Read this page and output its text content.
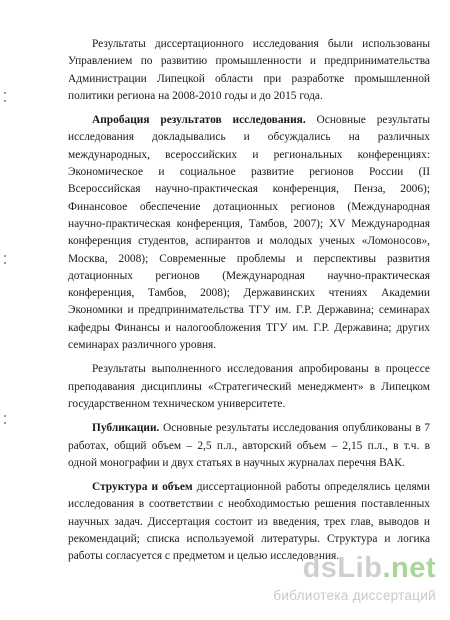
Результаты диссертационного исследования были использованы Управлением по развитию промышленности и предпринимательства Администрации Липецкой области при разработке промышленной политики региона на 2008-2010 годы и до 2015 года.

Апробация результатов исследования. Основные результаты исследования докладывались и обсуждались на различных международных, всероссийских и региональных конференциях: Экономическое и социальное развитие регионов России (II Всероссийская научно-практическая конференция, Пенза, 2006); Финансовое обеспечение дотационных регионов (Международная научно-практическая конференция, Тамбов, 2007); XV Международная конференция студентов, аспирантов и молодых ученых «Ломоносов», Москва, 2008); Современные проблемы и перспективы развития дотационных регионов (Международная научно-практическая конференция, Тамбов, 2008); Державинских чтениях Академии Экономики и предпринимательства ТГУ им. Г.Р. Державина; семинарах кафедры Финансы и налогообложения ТГУ им. Г.Р. Державина; других семинарах различного уровня.

Результаты выполненного исследования апробированы в процессе преподавания дисциплины «Стратегический менеджмент» в Липецком государственном техническом университете.

Публикации. Основные результаты исследования опубликованы в 7 работах, общий объем – 2,5 п.л., авторский объем – 2,15 п.л., в т.ч. в одной монографии и двух статьях в научных журналах перечня ВАК.

Структура и объем диссертационной работы определялись целями исследования в соответствии с необходимостью решения поставленных научных задач. Диссертация состоит из введения, трех глав, выводов и рекомендаций; списка используемой литературы. Структура и логика работы согласуется с предметом и целью исследования.

dsLib.net
библиотека диссертаций
